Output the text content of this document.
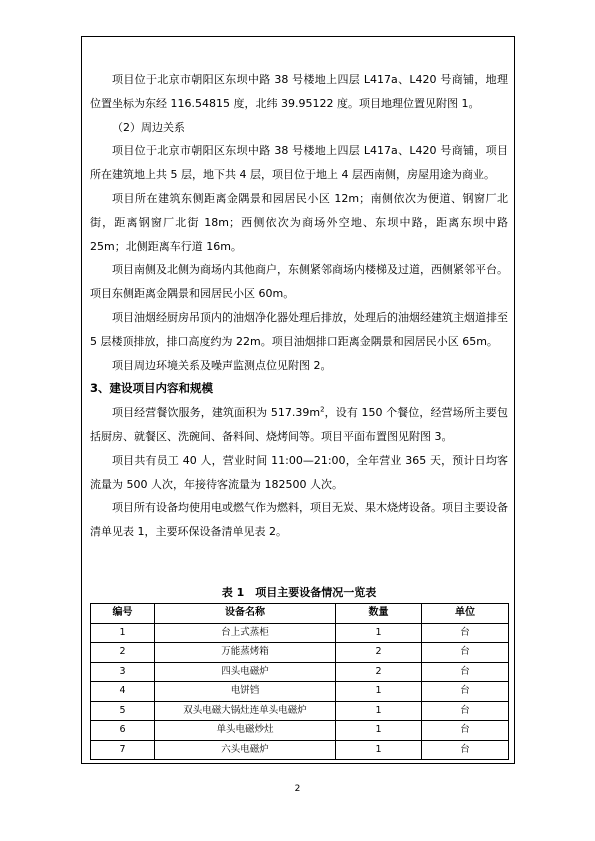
项目位于北京市朝阳区东坝中路 38 号楼地上四层 L417a、L420 号商铺，地理位置坐标为东经 116.54815 度，北纬 39.95122 度。项目地理位置见附图 1。

（2）周边关系

项目位于北京市朝阳区东坝中路 38 号楼地上四层 L417a、L420 号商铺，项目所在建筑地上共 5 层，地下共 4 层，项目位于地上 4 层西南侧，房屋用途为商业。

项目所在建筑东侧距离金隅景和园居民小区 12m；南侧依次为便道、钢窗厂北街，距离钢窗厂北街 18m；西侧依次为商场外空地、东坝中路，距离东坝中路 25m；北侧距离车行道 16m。

项目南侧及北侧为商场内其他商户，东侧紧邻商场内楼梯及过道，西侧紧邻平台。项目东侧距离金隅景和园居民小区 60m。

项目油烟经厨房吊顶内的油烟净化器处理后排放，处理后的油烟经建筑主烟道排至 5 层楼顶排放，排口高度约为 22m。项目油烟排口距离金隅景和园居民小区 65m。

项目周边环境关系及噪声监测点位见附图 2。

3、建设项目内容和规模

项目经营餐饮服务，建筑面积为 $517.39m^2$，设有 150 个餐位，经营场所主要包括厨房、就餐区、洗碗间、备料间、烧烤间等。项目平面布置图见附图 3。

项目共有员工 40 人，营业时间 11:00—21:00，全年营业 365 天，预计日均客流量为 500 人次，年接待客流量为 182500 人次。

项目所有设备均使用电或燃气作为燃料，项目无炭、果木烧烤设备。项目主要设备清单见表 1，主要环保设备清单见表 2。

表 1　项目主要设备情况一览表
编号	设备名称	数量	单位
1	台上式蒸柜	1	台
2	万能蒸烤箱	2	台
3	四头电磁炉	2	台
4	电饼铛	1	台
5	双头电磁大锅灶连单头电磁炉	1	台
6	单头电磁炒灶	1	台
7	六头电磁炉	1	台
2
